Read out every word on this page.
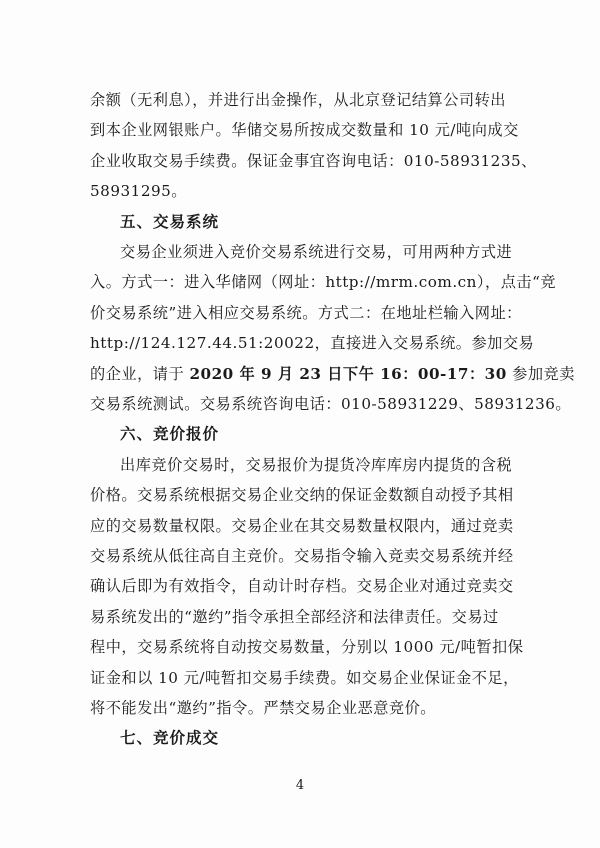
余额（无利息），并进行出金操作，从北京登记结算公司转出
到本企业网银账户。华储交易所按成交数量和 10 元/吨向成交
企业收取交易手续费。保证金事宜咨询电话：010-58931235、
58931295。
五、交易系统
交易企业须进入竞价交易系统进行交易，可用两种方式进
入。方式一：进入华储网（网址：http://mrm.com.cn），点击“竞
价交易系统”进入相应交易系统。方式二：在地址栏输入网址：
http://124.127.44.51:20022，直接进入交易系统。参加交易
的企业，请于 2020 年 9 月 23 日下午 16：00-17：30 参加竞卖
交易系统测试。交易系统咨询电话：010-58931229、58931236。
六、竞价报价
出库竞价交易时，交易报价为提货冷库库房内提货的含税
价格。交易系统根据交易企业交纳的保证金数额自动授予其相
应的交易数量权限。交易企业在其交易数量权限内，通过竞卖
交易系统从低往高自主竞价。交易指令输入竞卖交易系统并经
确认后即为有效指令，自动计时存档。交易企业对通过竞卖交
易系统发出的“邀约”指令承担全部经济和法律责任。交易过
程中，交易系统将自动按交易数量，分别以 1000 元/吨暂扣保
4
证金和以 10 元/吨暂扣交易手续费。如交易企业保证金不足，
将不能发出“邀约”指令。严禁交易企业恶意竞价。
七、竞价成交
